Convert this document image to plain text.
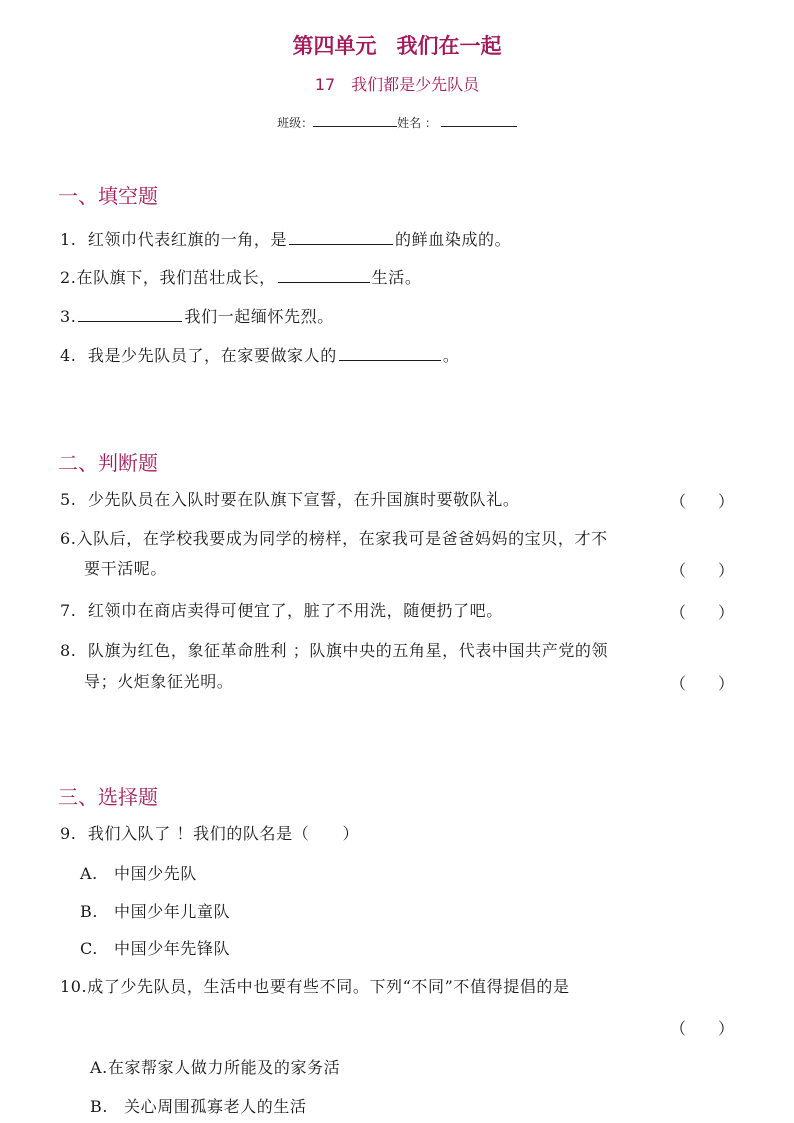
第四单元 我们在一起
17 我们都是少先队员
班级：	姓名 ：
一、填空题
1. 红领巾代表红旗的一角，是	的鲜血染成的。
2.在队旗下，我们茁壮成长，	生活。
3.	我们一起缅怀先烈。
4. 我是少先队员了，在家要做家人的	。
二、判断题
5. 少先队员在入队时要在队旗下宣誓，在升国旗时要敬队礼。	（　　）
6.入队后，在学校我要成为同学的榜样，在家我可是爸爸妈妈的宝贝，才不
要干活呢。	（　　）
7. 红领巾在商店卖得可便宜了，脏了不用洗，随便扔了吧。	（　　）
8. 队旗为红色，象征革命胜利 ；队旗中央的五角星，代表中国共产党的领
导；火炬象征光明。	（　　）
三、选择题
9. 我们入队了 ！我们的队名是（　　）
A. 中国少先队
B. 中国少年儿童队
C. 中国少年先锋队
10.成了少先队员，生活中也要有些不同。下列“不同”不值得提倡的是
（　　）
A.在家帮家人做力所能及的家务活
B. 关心周围孤寡老人的生活
